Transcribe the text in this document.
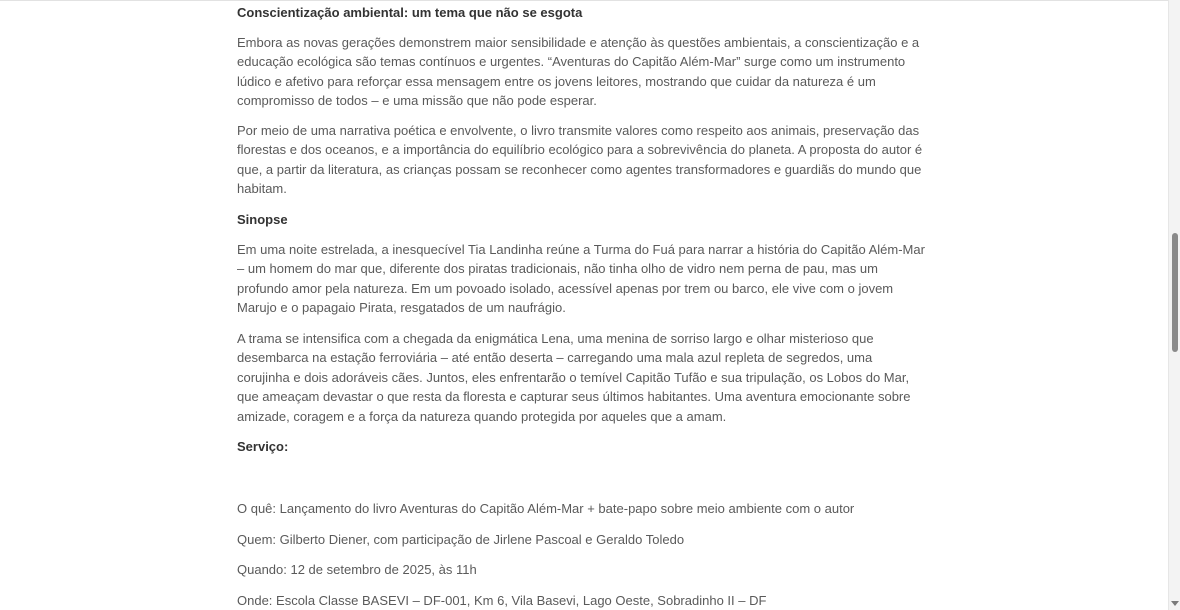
Conscientização ambiental: um tema que não se esgota

Embora as novas gerações demonstrem maior sensibilidade e atenção às questões ambientais, a conscientização e a educação ecológica são temas contínuos e urgentes. “Aventuras do Capitão Além-Mar” surge como um instrumento lúdico e afetivo para reforçar essa mensagem entre os jovens leitores, mostrando que cuidar da natureza é um compromisso de todos – e uma missão que não pode esperar.

Por meio de uma narrativa poética e envolvente, o livro transmite valores como respeito aos animais, preservação das florestas e dos oceanos, e a importância do equilíbrio ecológico para a sobrevivência do planeta. A proposta do autor é que, a partir da literatura, as crianças possam se reconhecer como agentes transformadores e guardiãs do mundo que habitam.

Sinopse

Em uma noite estrelada, a inesquecível Tia Landinha reúne a Turma do Fuá para narrar a história do Capitão Além-Mar – um homem do mar que, diferente dos piratas tradicionais, não tinha olho de vidro nem perna de pau, mas um profundo amor pela natureza. Em um povoado isolado, acessível apenas por trem ou barco, ele vive com o jovem Marujo e o papagaio Pirata, resgatados de um naufrágio.

A trama se intensifica com a chegada da enigmática Lena, uma menina de sorriso largo e olhar misterioso que desembarca na estação ferroviária – até então deserta – carregando uma mala azul repleta de segredos, uma corujinha e dois adoráveis cães. Juntos, eles enfrentarão o temível Capitão Tufão e sua tripulação, os Lobos do Mar, que ameaçam devastar o que resta da floresta e capturar seus últimos habitantes. Uma aventura emocionante sobre amizade, coragem e a força da natureza quando protegida por aqueles que a amam.

Serviço:

O quê: Lançamento do livro Aventuras do Capitão Além-Mar + bate-papo sobre meio ambiente com o autor

Quem: Gilberto Diener, com participação de Jirlene Pascoal e Geraldo Toledo

Quando: 12 de setembro de 2025, às 11h

Onde: Escola Classe BASEVI – DF-001, Km 6, Vila Basevi, Lago Oeste, Sobradinho II – DF
